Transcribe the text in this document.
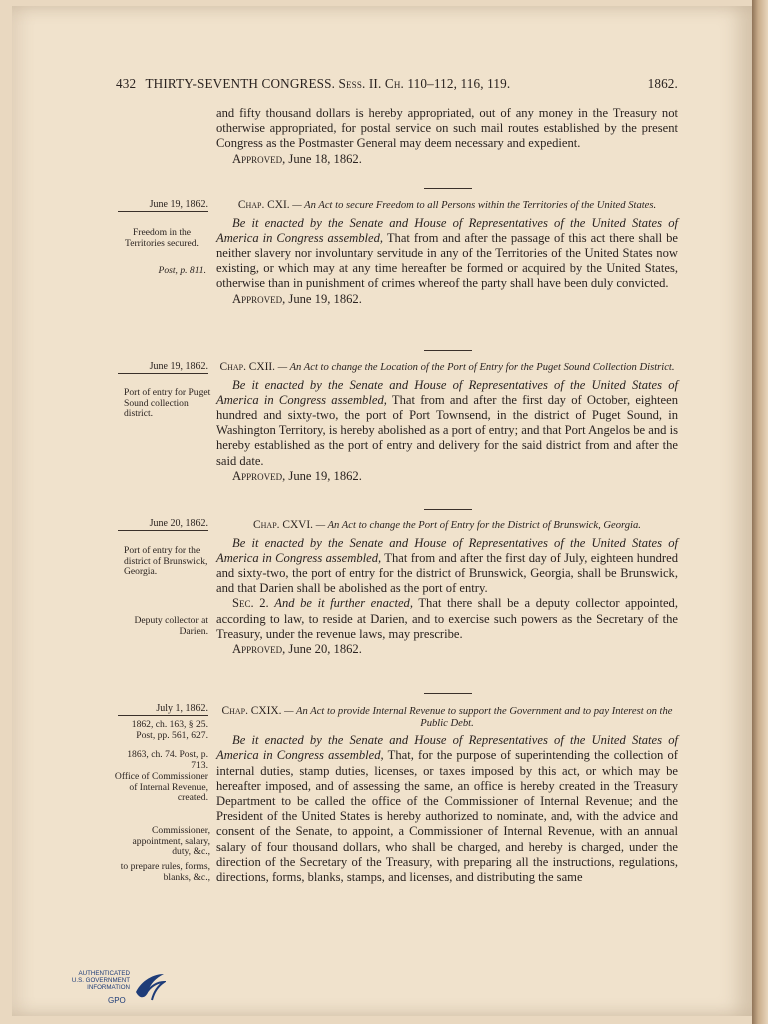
432 THIRTY-SEVENTH CONGRESS. Sess. II. Ch. 110–112, 116, 119.	1862.

and fifty thousand dollars is hereby appropriated, out of any money in the Treasury not otherwise appropriated, for postal service on such mail routes established by the present Congress as the Postmaster General may deem necessary and expedient.

Approved, June 18, 1862.

June 19, 1862.
Freedom in the Territories secured.
Post, p. 811.
Chap. CXI. — An Act to secure Freedom to all Persons within the Territories of the United States.

Be it enacted by the Senate and House of Representatives of the United States of America in Congress assembled, That from and after the passage of this act there shall be neither slavery nor involuntary servitude in any of the Territories of the United States now existing, or which may at any time hereafter be formed or acquired by the United States, otherwise than in punishment of crimes whereof the party shall have been duly convicted.

Approved, June 19, 1862.

June 19, 1862.
Port of entry for Puget Sound collection district.
Chap. CXII. — An Act to change the Location of the Port of Entry for the Puget Sound Collection District.

Be it enacted by the Senate and House of Representatives of the United States of America in Congress assembled, That from and after the first day of October, eighteen hundred and sixty-two, the port of Port Townsend, in the district of Puget Sound, in Washington Territory, is hereby abolished as a port of entry; and that Port Angelos be and is hereby established as the port of entry and delivery for the said district from and after the said date.

Approved, June 19, 1862.

June 20, 1862.
Port of entry for the district of Brunswick, Georgia.
Deputy collector at Darien.
Chap. CXVI. — An Act to change the Port of Entry for the District of Brunswick, Georgia.

Be it enacted by the Senate and House of Representatives of the United States of America in Congress assembled, That from and after the first day of July, eighteen hundred and sixty-two, the port of entry for the district of Brunswick, Georgia, shall be Brunswick, and that Darien shall be abolished as the port of entry.

Sec. 2. And be it further enacted, That there shall be a deputy collector appointed, according to law, to reside at Darien, and to exercise such powers as the Secretary of the Treasury, under the revenue laws, may prescribe.

Approved, June 20, 1862.

July 1, 1862.
1862, ch. 163, § 25. Post, pp. 561, 627.
1863, ch. 74. Post, p. 713.
Office of Commissioner of Internal Revenue, created.
Commissioner, appointment, salary, duty, &c.,
to prepare rules, forms, blanks, &c.,
Chap. CXIX. — An Act to provide Internal Revenue to support the Government and to pay Interest on the Public Debt.

Be it enacted by the Senate and House of Representatives of the United States of America in Congress assembled, That, for the purpose of superintending the collection of internal duties, stamp duties, licenses, or taxes imposed by this act, or which may be hereafter imposed, and of assessing the same, an office is hereby created in the Treasury Department to be called the office of the Commissioner of Internal Revenue; and the President of the United States is hereby authorized to nominate, and, with the advice and consent of the Senate, to appoint, a Commissioner of Internal Revenue, with an annual salary of four thousand dollars, who shall be charged, and hereby is charged, under the direction of the Secretary of the Treasury, with preparing all the instructions, regulations, directions, forms, blanks, stamps, and licenses, and distributing the same

AUTHENTICATED
U.S. GOVERNMENT
INFORMATION
GPO
